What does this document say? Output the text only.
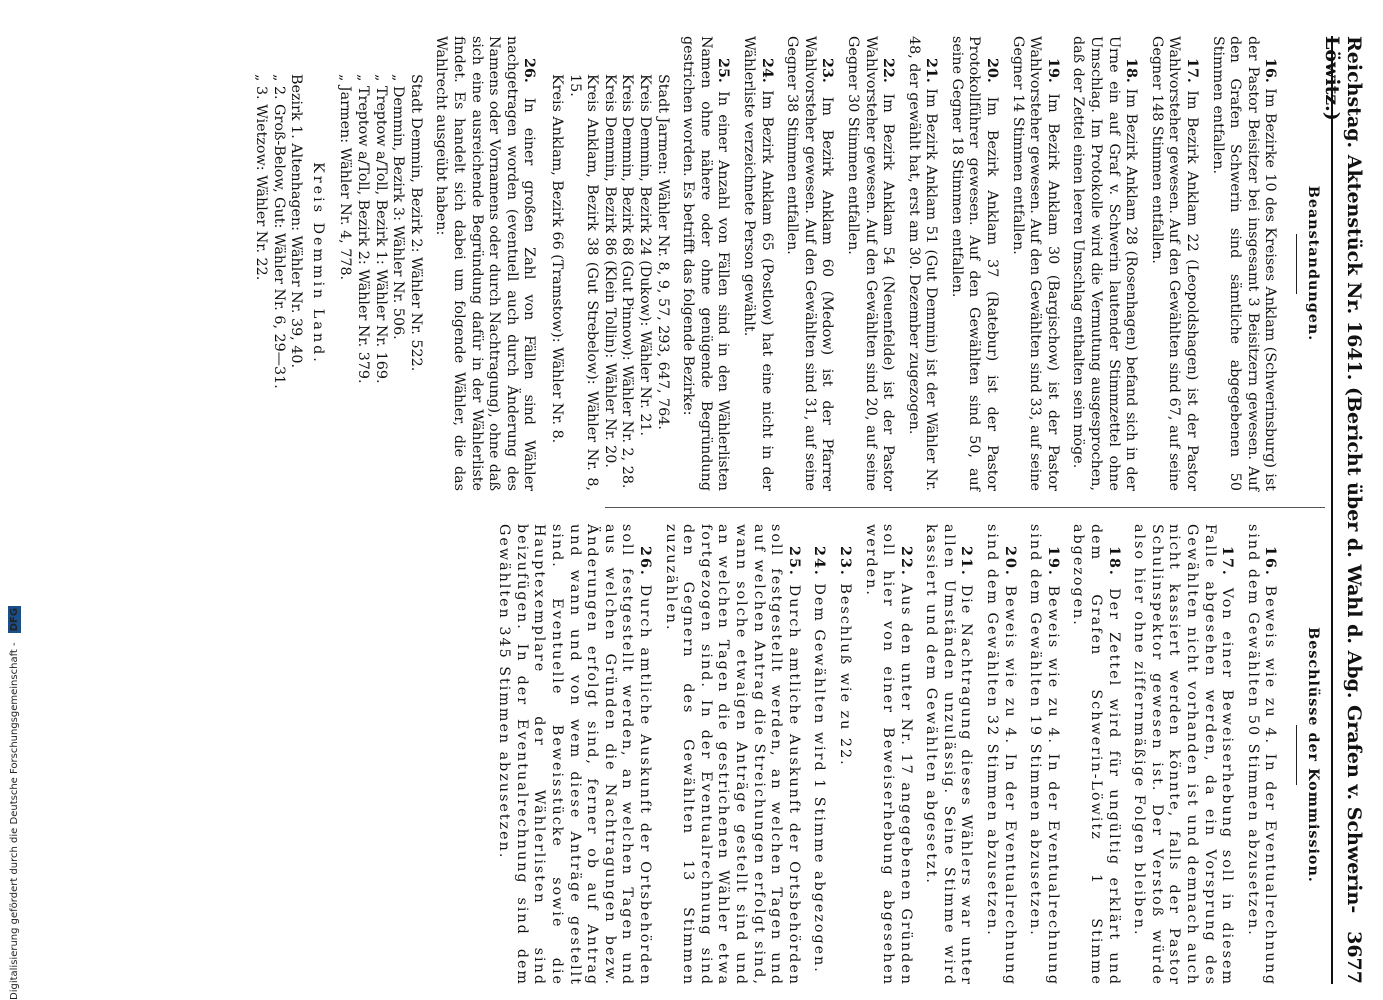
Reichstag. Aktenstück Nr. 1641. (Bericht über d. Wahl d. Abg. Grafen v. Schwerin-Löwitz.)
3677
Beanstandungen.

16. Im Bezirke 10 des Kreises Anklam (Schwerinsburg) ist der Pastor Beisitzer bei insgesamt 3 Beisitzern gewesen. Auf den Grafen Schwerin sind sämtliche abgegebenen 50 Stimmen entfallen.

17. Im Bezirk Anklam 22 (Leopoldshagen) ist der Pastor Wahlvorsteher gewesen. Auf den Gewählten sind 67, auf seine Gegner 148 Stimmen entfallen.

18. Im Bezirk Anklam 28 (Rosenhagen) befand sich in der Urne ein auf Graf v. Schwerin lautender Stimmzettel ohne Umschlag. Im Protokolle wird die Vermutung ausgesprochen, daß der Zettel einen leeren Umschlag enthalten sein möge.

19. Im Bezirk Anklam 30 (Bargischow) ist der Pastor Wahlvorsteher gewesen. Auf den Gewählten sind 33, auf seine Gegner 14 Stimmen entfallen.

20. Im Bezirk Anklam 37 (Ratebur) ist der Pastor Protokollführer gewesen. Auf den Gewählten sind 50, auf seine Gegner 18 Stimmen entfallen.

21. Im Bezirk Anklam 51 (Gut Demmin) ist der Wähler Nr. 48, der gewählt hat, erst am 30. Dezember zugezogen.

22. Im Bezirk Anklam 54 (Neuenfelde) ist der Pastor Wahlvorsteher gewesen. Auf den Gewählten sind 20, auf seine Gegner 30 Stimmen entfallen.

23. Im Bezirk Anklam 60 (Medow) ist der Pfarrer Wahlvorsteher gewesen. Auf den Gewählten sind 31, auf seine Gegner 38 Stimmen entfallen.

24. Im Bezirk Anklam 65 (Postlow) hat eine nicht in der Wählerliste verzeichnete Person gewählt.

25. In einer Anzahl von Fällen sind in den Wählerlisten Namen ohne nähere oder ohne genügende Begründung gestrichen worden. Es betrifft das folgende Bezirke:

Stadt Jarmen: Wähler Nr. 8, 9, 57, 293, 647, 764.
Kreis Demmin, Bezirk 24 (Dukow): Wähler Nr. 21.
Kreis Demmin, Bezirk 68 (Gut Pinnow): Wähler Nr. 2, 28.
Kreis Demmin, Bezirk 86 (Klein Tollin): Wähler Nr. 20.
Kreis Anklam, Bezirk 38 (Gut Strebelow): Wähler Nr. 8, 15.
Kreis Anklam, Bezirk 66 (Tramstow): Wähler Nr. 8.

26. In einer großen Zahl von Fällen sind Wähler nachgetragen worden (eventuell auch durch Änderung des Namens oder Vornamens oder durch Nachtragung), ohne daß sich eine ausreichende Begründung dafür in der Wählerliste findet. Es handelt sich dabei um folgende Wähler, die das Wahlrecht ausgeübt haben:

Stadt Demmin, Bezirk 2: Wähler Nr. 522.
„ Demmin, Bezirk 3: Wähler Nr. 506.
„ Treptow a/Toll, Bezirk 1: Wähler Nr. 169.
„ Treptow a/Toll, Bezirk 2: Wähler Nr. 379.
„ Jarmen: Wähler Nr. 4, 778.
Kreis Demmin Land.
Bezirk 1. Altenhagen: Wähler Nr. 39, 40.
„ 2. Groß-Below, Gut: Wähler Nr. 6, 29—31.
„ 3. Wietzow: Wähler Nr. 22.
Beschlüsse der Kommission.

16. Beweis wie zu 4. In der Eventualrechnung sind dem Gewählten 50 Stimmen abzusetzen.

17. Von einer Beweiserhebung soll in diesem Falle abgesehen werden, da ein Vorsprung des Gewählten nicht vorhanden ist und demnach auch nicht kassiert werden könnte, falls der Pastor Schulinspektor gewesen ist. Der Verstoß würde also hier ohne ziffernmäßige Folgen bleiben.

18. Der Zettel wird für ungültig erklärt und dem Grafen Schwerin-Löwitz 1 Stimme abgezogen.

19. Beweis wie zu 4. In der Eventualrechnung sind dem Gewählten 19 Stimmen abzusetzen.

20. Beweis wie zu 4. In der Eventualrechnung sind dem Gewählten 32 Stimmen abzusetzen.

21. Die Nachtragung dieses Wählers war unter allen Umständen unzulässig. Seine Stimme wird kassiert und dem Gewählten abgesetzt.

22. Aus den unter Nr. 17 angegebenen Gründen soll hier von einer Beweiserhebung abgesehen werden.

23. Beschluß wie zu 22.

24. Dem Gewählten wird 1 Stimme abgezogen.

25. Durch amtliche Auskunft der Ortsbehörden soll festgestellt werden, an welchen Tagen und auf welchen Antrag die Streichungen erfolgt sind, wann solche etwaigen Anträge gestellt sind und an welchen Tagen die gestrichenen Wähler etwa fortgezogen sind. In der Eventualrechnung sind den Gegnern des Gewählten 13 Stimmen zuzuzählen.

26. Durch amtliche Auskunft der Ortsbehörden soll festgestellt werden, an welchen Tagen und aus welchen Gründen die Nachtragungen bezw. Änderungen erfolgt sind, ferner ob auf Antrag und wann und von wem diese Anträge gestellt sind. Eventuelle Beweisstücke sowie die Hauptexemplare der Wählerlisten sind beizufügen. In der Eventualrechnung sind dem Gewählten 345 Stimmen abzusetzen.

Digitalisierung gefördert durch die Deutsche Forschungsgemeinschaft - DFG
